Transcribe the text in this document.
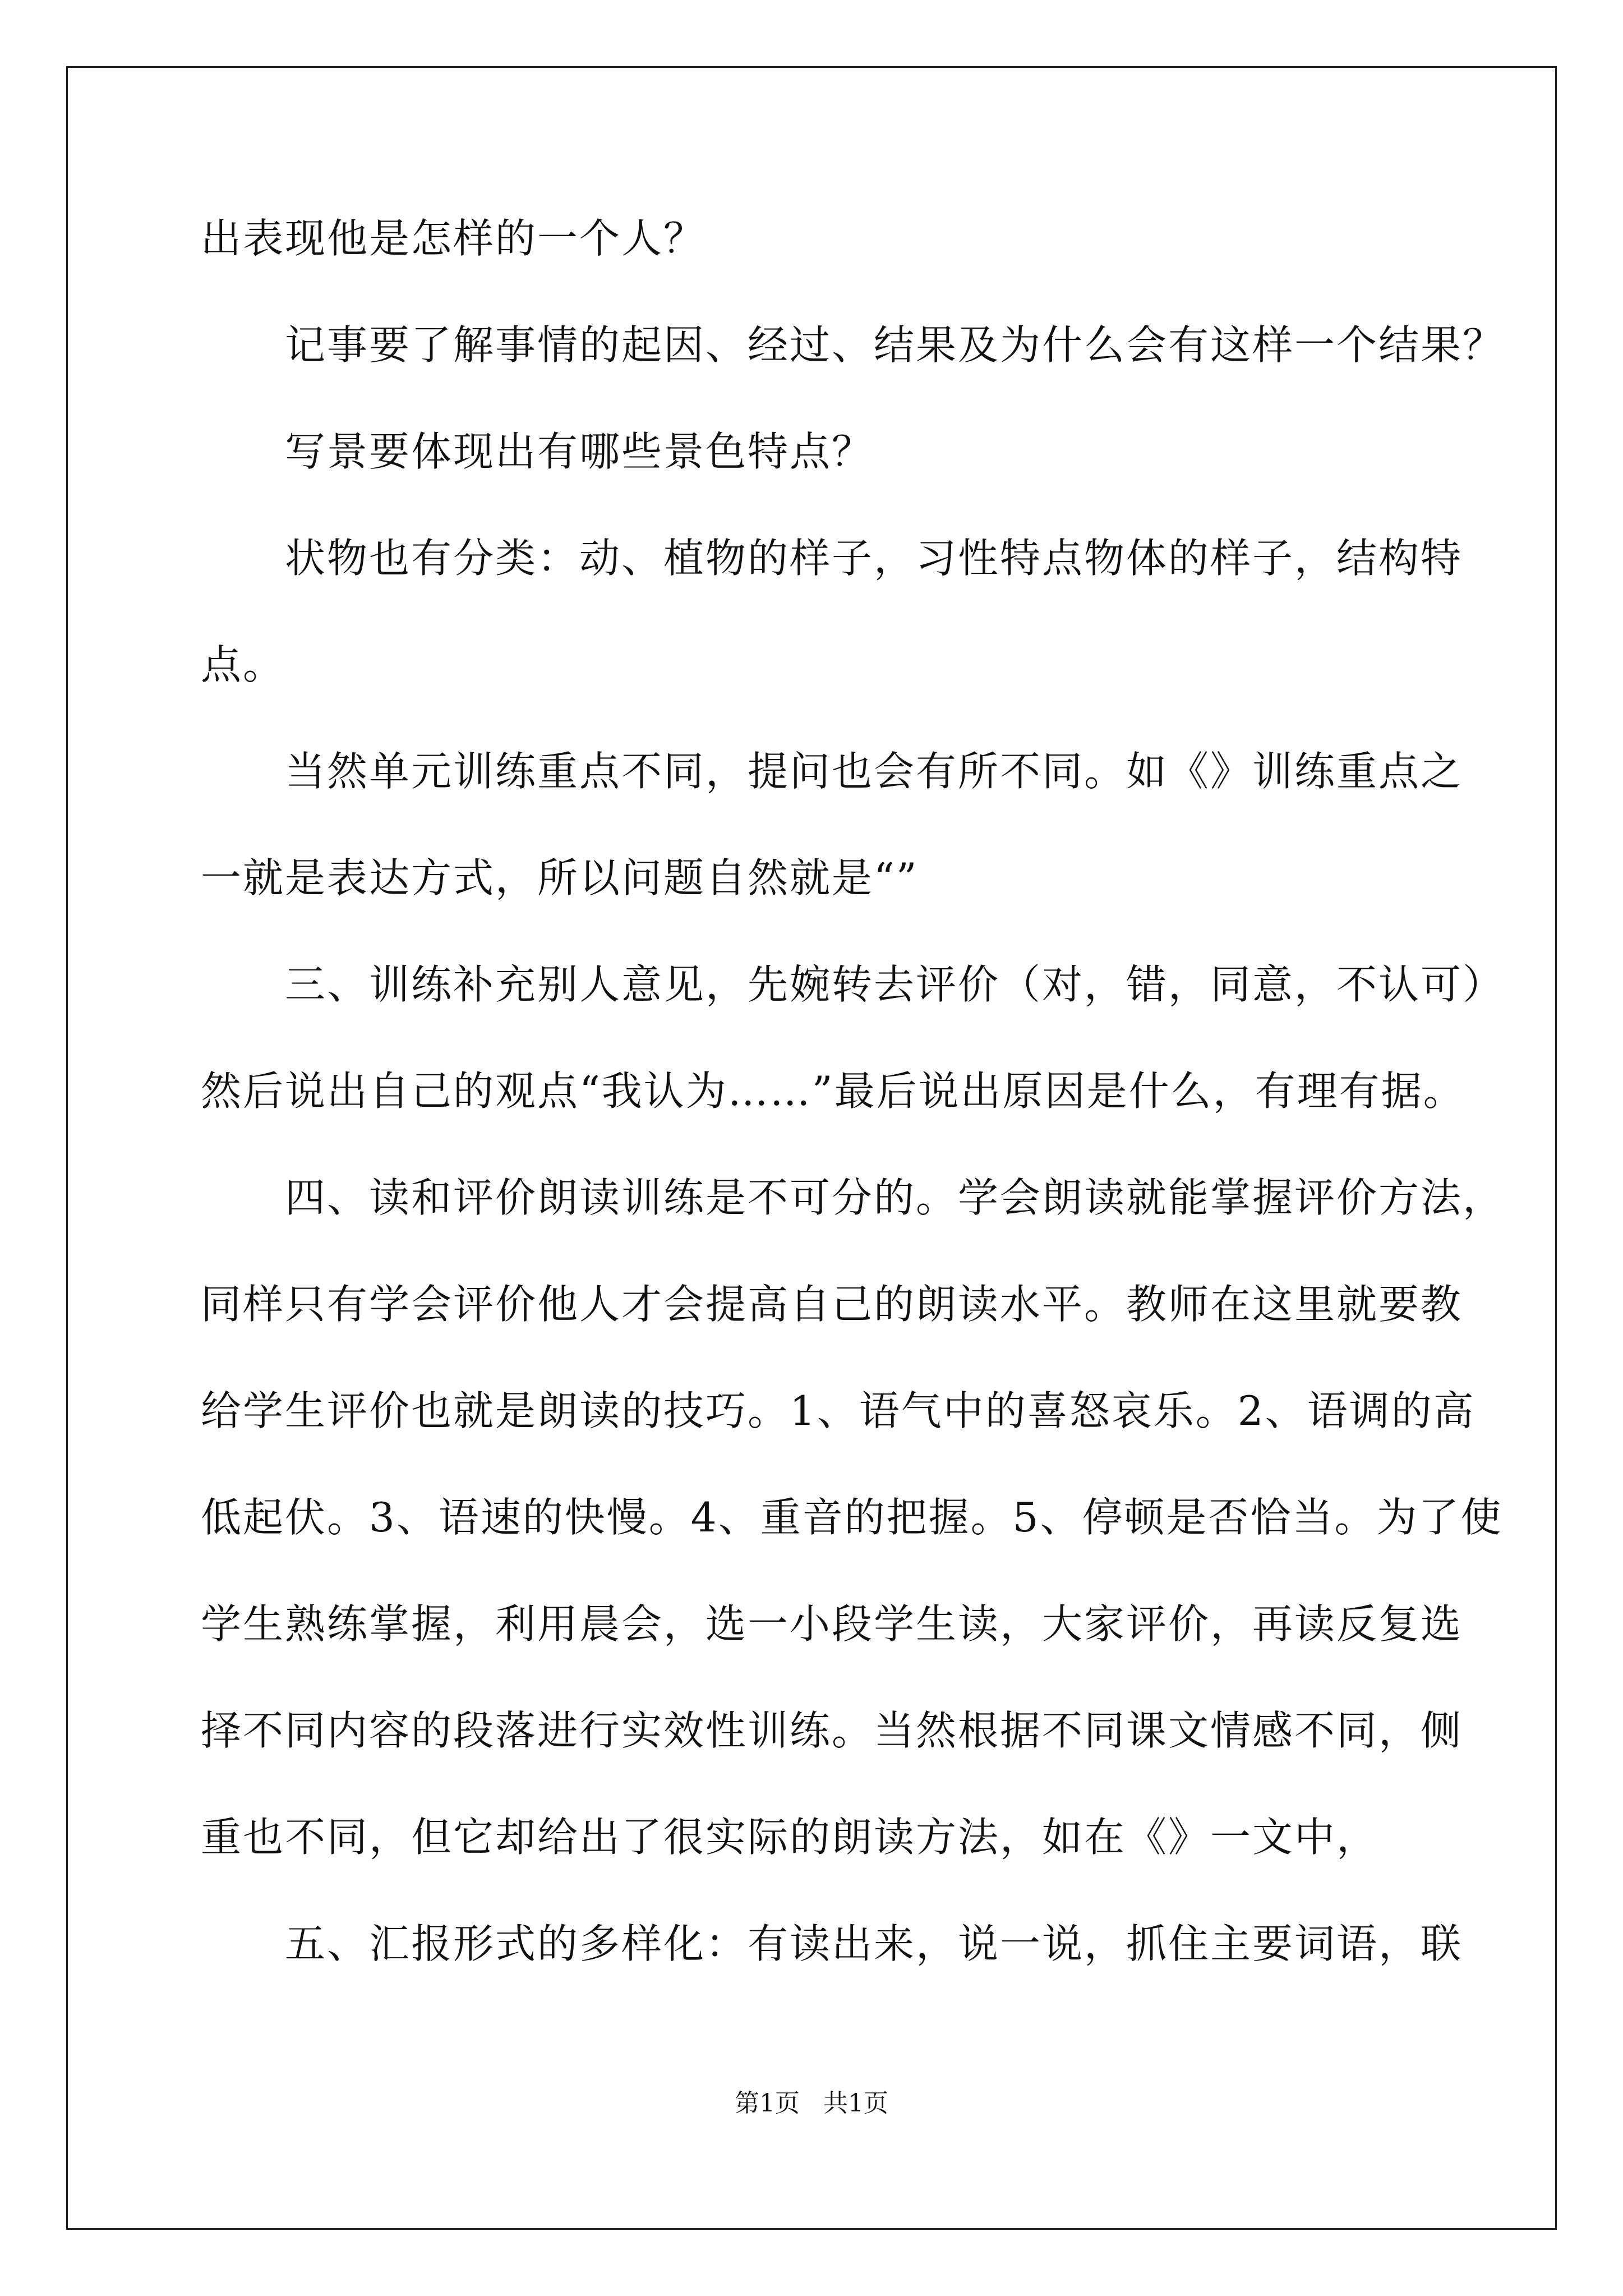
出表现他是怎样的一个人？
记事要了解事情的起因、经过、结果及为什么会有这样一个结果？
写景要体现出有哪些景色特点？
状物也有分类：动、植物的样子，习性特点物体的样子，结构特
点。
当然单元训练重点不同，提问也会有所不同。如《》训练重点之
一就是表达方式，所以问题自然就是“”
三、训练补充别人意见，先婉转去评价（对，错，同意，不认可）
然后说出自己的观点“我认为……”最后说出原因是什么，有理有据。
四、读和评价朗读训练是不可分的。学会朗读就能掌握评价方法，
同样只有学会评价他人才会提高自己的朗读水平。教师在这里就要教
给学生评价也就是朗读的技巧。1、语气中的喜怒哀乐。2、语调的高
低起伏。3、语速的快慢。4、重音的把握。5、停顿是否恰当。为了使
学生熟练掌握，利用晨会，选一小段学生读，大家评价，再读反复选
择不同内容的段落进行实效性训练。当然根据不同课文情感不同，侧
重也不同，但它却给出了很实际的朗读方法，如在《》一文中，
五、汇报形式的多样化：有读出来，说一说，抓住主要词语，联
第1页   共1页
